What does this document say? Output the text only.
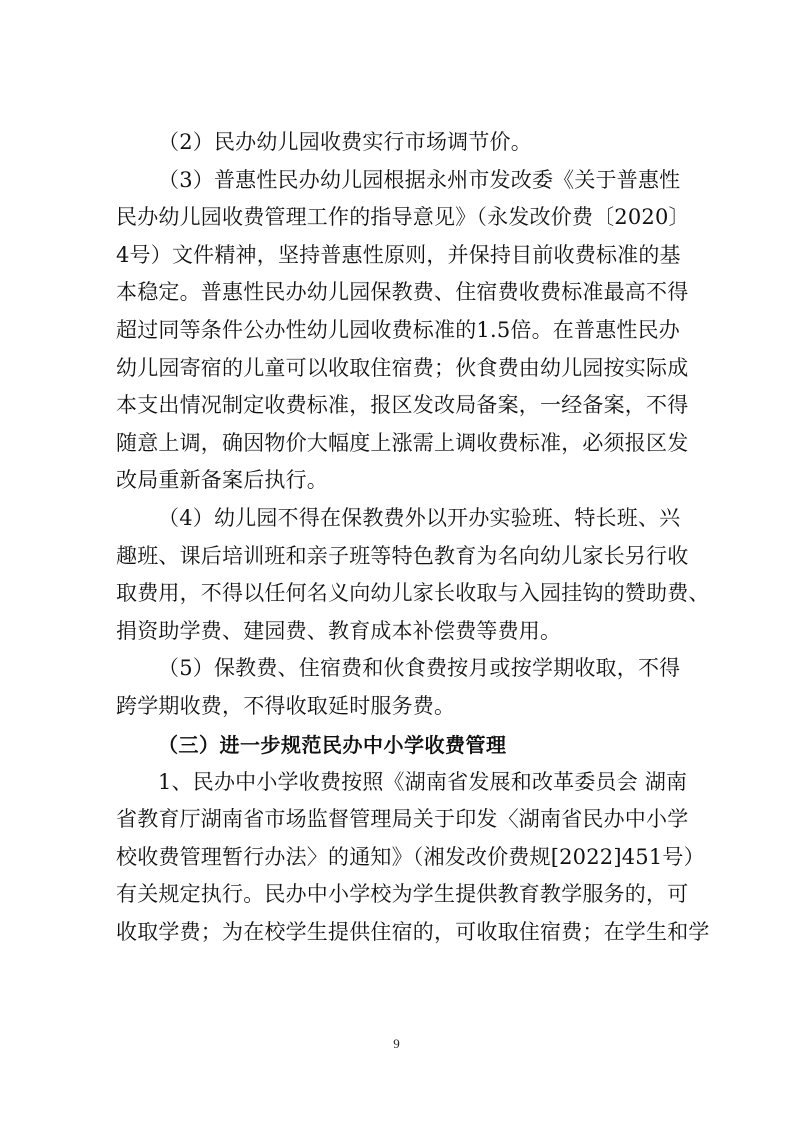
（2）民办幼儿园收费实行市场调节价。

（3）普惠性民办幼儿园根据永州市发改委《关于普惠性
民办幼儿园收费管理工作的指导意见》（永发改价费〔2020〕
4号）文件精神，坚持普惠性原则，并保持目前收费标准的基
本稳定。普惠性民办幼儿园保教费、住宿费收费标准最高不得
超过同等条件公办性幼儿园收费标准的1.5倍。在普惠性民办
幼儿园寄宿的儿童可以收取住宿费；伙食费由幼儿园按实际成
本支出情况制定收费标准，报区发改局备案，一经备案，不得
随意上调，确因物价大幅度上涨需上调收费标准，必须报区发
改局重新备案后执行。

（4）幼儿园不得在保教费外以开办实验班、特长班、兴
趣班、课后培训班和亲子班等特色教育为名向幼儿家长另行收
取费用，不得以任何名义向幼儿家长收取与入园挂钩的赞助费、
捐资助学费、建园费、教育成本补偿费等费用。

（5）保教费、住宿费和伙食费按月或按学期收取，不得
跨学期收费，不得收取延时服务费。

（三）进一步规范民办中小学收费管理

1、民办中小学收费按照《湖南省发展和改革委员会 湖南
省教育厅湖南省市场监督管理局关于印发〈湖南省民办中小学
校收费管理暂行办法〉的通知》（湘发改价费规[2022]451号）
有关规定执行。民办中小学校为学生提供教育教学服务的，可
收取学费；为在校学生提供住宿的，可收取住宿费；在学生和学

9
